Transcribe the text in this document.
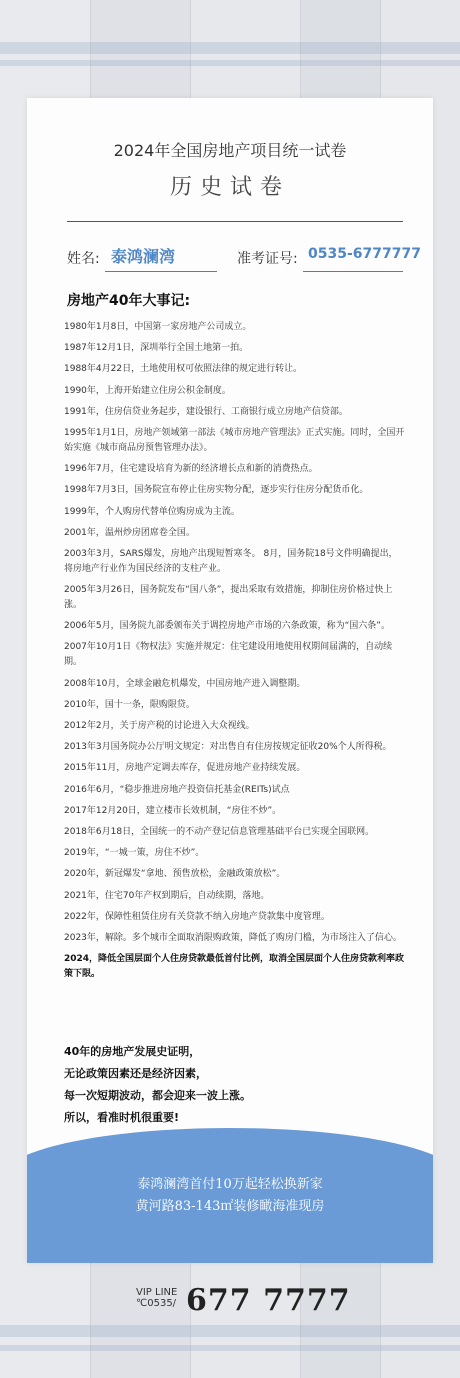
2024年全国房地产项目统一试卷
历史试卷
姓名: 泰鸿澜湾	准考证号: 0535-6777777
房地产40年大事记:
1980年1月8日，中国第一家房地产公司成立。
1987年12月1日，深圳举行全国土地第一拍。
1988年4月22日，土地使用权可依照法律的规定进行转让。
1990年，上海开始建立住房公积金制度。
1991年，住房信贷业务起步，建设银行、工商银行成立房地产信贷部。
1995年1月1日，房地产领域第一部法《城市房地产管理法》正式实施。同时，全国开始实施《城市商品房预售管理办法》。
1996年7月，住宅建设培育为新的经济增长点和新的消费热点。
1998年7月3日，国务院宣布停止住房实物分配，逐步实行住房分配货币化。
1999年，个人购房代替单位购房成为主流。
2001年，温州炒房团席卷全国。
2003年3月，SARS爆发，房地产出现短暂寒冬。 8月，国务院18号文件明确提出，将房地产行业作为国民经济的支柱产业。
2005年3月26日，国务院发布“国八条”，提出采取有效措施，抑制住房价格过快上涨。
2006年5月，国务院九部委颁布关于调控房地产市场的六条政策，称为“国六条”。
2007年10月1日《物权法》实施并规定：住宅建设用地使用权期间届满的，自动续期。
2008年10月，全球金融危机爆发，中国房地产进入调整期。
2010年，国十一条，限购限贷。
2012年2月，关于房产税的讨论进入大众视线。
2013年3月国务院办公厅明文规定：对出售自有住房按规定征收20%个人所得税。
2015年11月，房地产定调去库存，促进房地产业持续发展。
2016年6月，“稳步推进房地产投资信托基金(REITs)试点
2017年12月20日，建立楼市长效机制，“房住不炒”。
2018年6月18日，全国统一的不动产登记信息管理基础平台已实现全国联网。
2019年，“一城一策，房住不炒”。
2020年，新冠爆发“拿地、预售放松，金融政策放松”。
2021年，住宅70年产权到期后，自动续期，落地。
2022年，保障性租赁住房有关贷款不纳入房地产贷款集中度管理。
2023年，解除。多个城市全面取消限购政策，降低了购房门槛，为市场注入了信心。
2024，降低全国层面个人住房贷款最低首付比例，取消全国层面个人住房贷款利率政策下限。
40年的房地产发展史证明，
无论政策因素还是经济因素，
每一次短期波动，都会迎来一波上涨。
所以，看准时机很重要!
泰鸿澜湾首付10万起轻松换新家
黄河路83-143㎡装修瞰海准现房
VIP LINE
℃0535/ 677 7777
